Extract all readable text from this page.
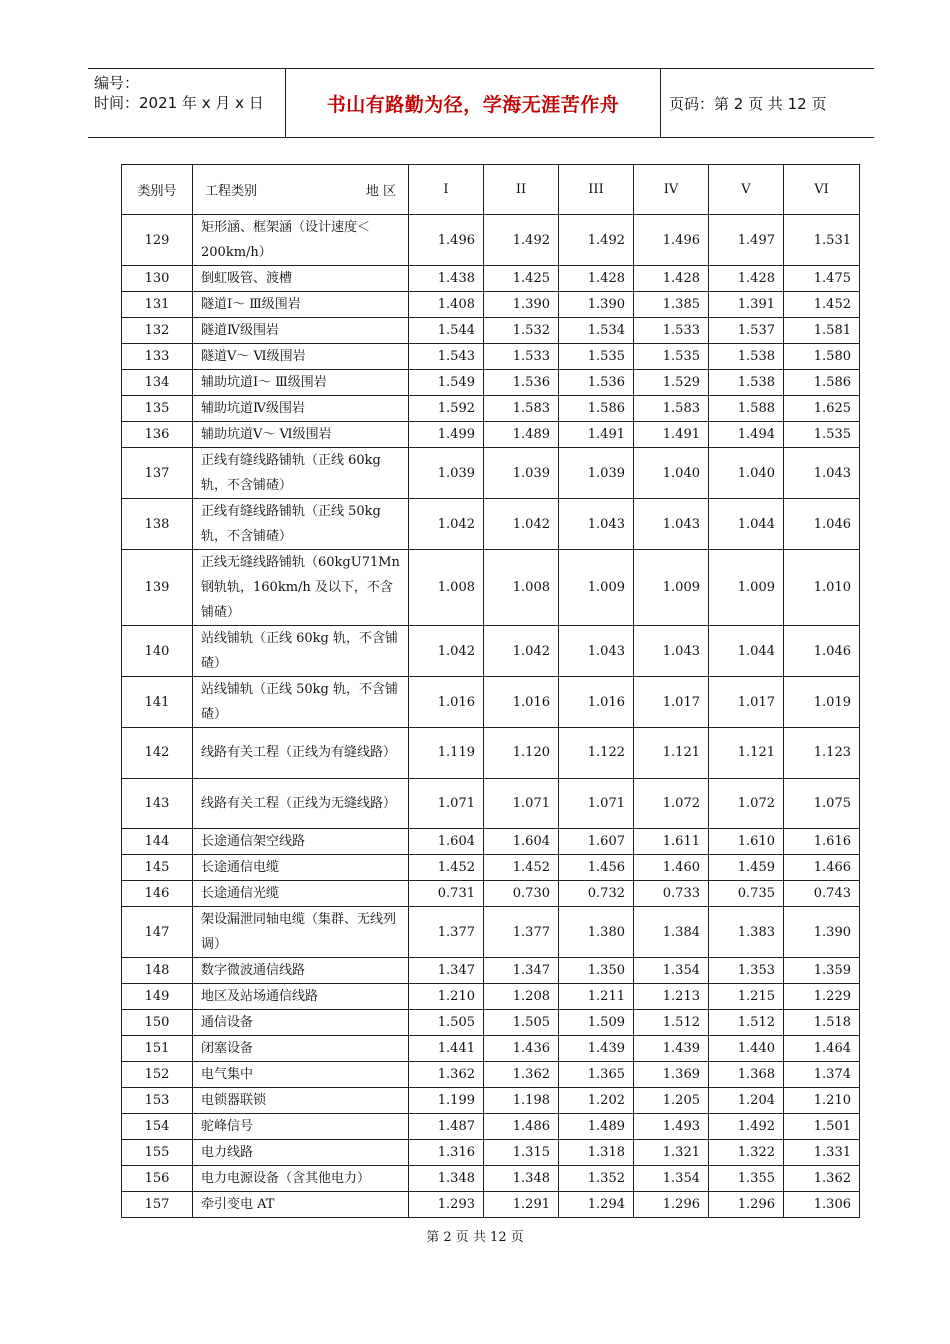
编号：
时间：2021 年 x 月 x 日	书山有路勤为径，学海无涯苦作舟	页码：第 2 页 共 12 页
类别号	工程类别 地 区	I	II	III	IV	V	VI
129	矩形涵、框架涵（设计速度＜200km/h）	1.496	1.492	1.492	1.496	1.497	1.531
130	倒虹吸管、渡槽	1.438	1.425	1.428	1.428	1.428	1.475
131	隧道Ⅰ～ Ⅲ级围岩	1.408	1.390	1.390	1.385	1.391	1.452
132	隧道Ⅳ级围岩	1.544	1.532	1.534	1.533	1.537	1.581
133	隧道Ⅴ～ Ⅵ级围岩	1.543	1.533	1.535	1.535	1.538	1.580
134	辅助坑道Ⅰ～ Ⅲ级围岩	1.549	1.536	1.536	1.529	1.538	1.586
135	辅助坑道Ⅳ级围岩	1.592	1.583	1.586	1.583	1.588	1.625
136	辅助坑道Ⅴ～ Ⅵ级围岩	1.499	1.489	1.491	1.491	1.494	1.535
137	正线有缝线路铺轨（正线 60kg 轨，不含铺碴）	1.039	1.039	1.039	1.040	1.040	1.043
138	正线有缝线路铺轨（正线 50kg 轨，不含铺碴）	1.042	1.042	1.043	1.043	1.044	1.046
139	正线无缝线路铺轨（60kgU71Mn 钢轨轨，160km/h 及以下，不含铺碴）	1.008	1.008	1.009	1.009	1.009	1.010
140	站线铺轨（正线 60kg 轨，不含铺碴）	1.042	1.042	1.043	1.043	1.044	1.046
141	站线铺轨（正线 50kg 轨，不含铺碴）	1.016	1.016	1.016	1.017	1.017	1.019
142	线路有关工程（正线为有缝线路）	1.119	1.120	1.122	1.121	1.121	1.123
143	线路有关工程（正线为无缝线路）	1.071	1.071	1.071	1.072	1.072	1.075
144	长途通信架空线路	1.604	1.604	1.607	1.611	1.610	1.616
145	长途通信电缆	1.452	1.452	1.456	1.460	1.459	1.466
146	长途通信光缆	0.731	0.730	0.732	0.733	0.735	0.743
147	架设漏泄同轴电缆（集群、无线列调）	1.377	1.377	1.380	1.384	1.383	1.390
148	数字微波通信线路	1.347	1.347	1.350	1.354	1.353	1.359
149	地区及站场通信线路	1.210	1.208	1.211	1.213	1.215	1.229
150	通信设备	1.505	1.505	1.509	1.512	1.512	1.518
151	闭塞设备	1.441	1.436	1.439	1.439	1.440	1.464
152	电气集中	1.362	1.362	1.365	1.369	1.368	1.374
153	电锁器联锁	1.199	1.198	1.202	1.205	1.204	1.210
154	驼峰信号	1.487	1.486	1.489	1.493	1.492	1.501
155	电力线路	1.316	1.315	1.318	1.321	1.322	1.331
156	电力电源设备（含其他电力）	1.348	1.348	1.352	1.354	1.355	1.362
157	牵引变电 AT	1.293	1.291	1.294	1.296	1.296	1.306
第 2 页 共 12 页
